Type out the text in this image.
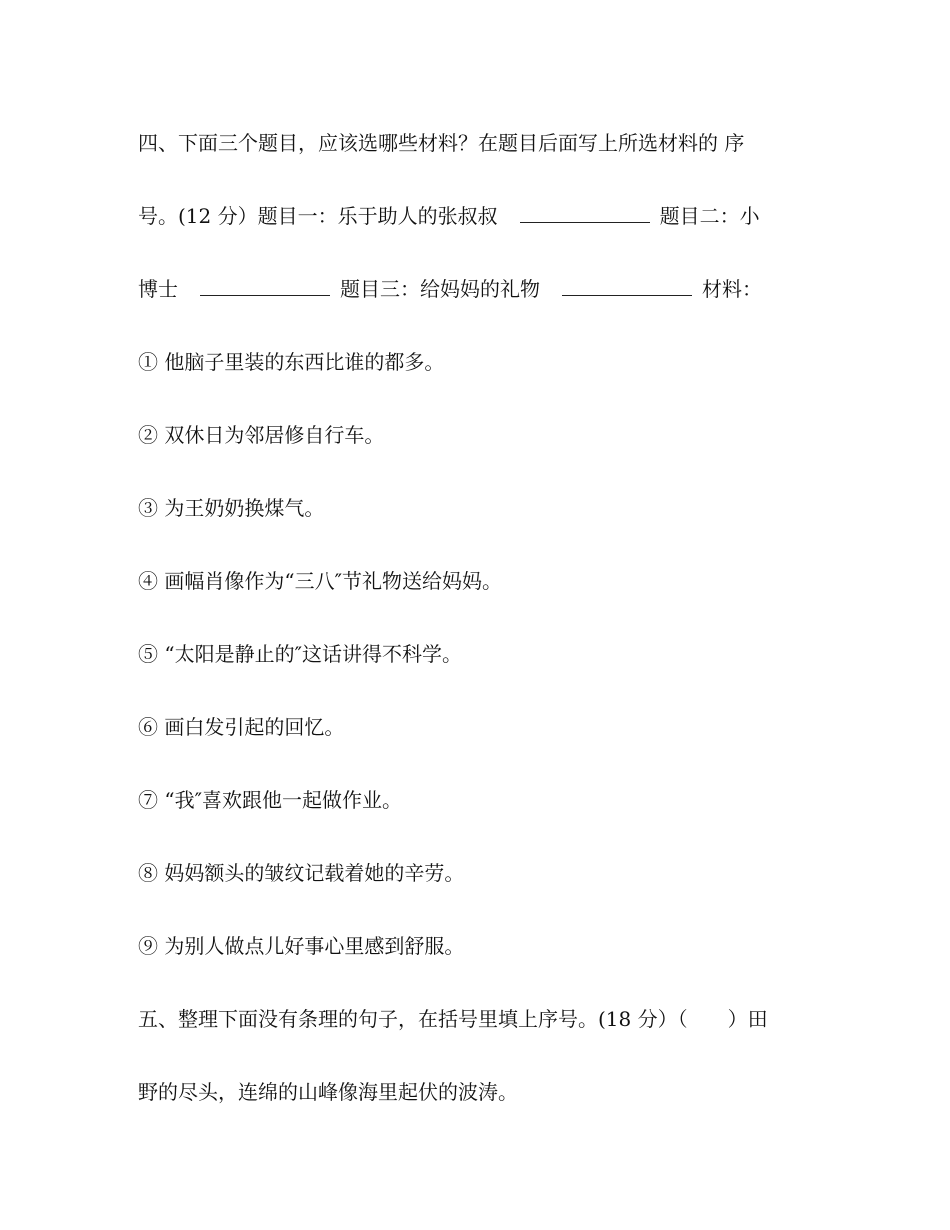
四、下面三个题目，应该选哪些材料？在题目后面写上所选材料的 序
号。(12 分）题目一：乐于助人的张叔叔	题目二：小
博士	题目三：给妈妈的礼物	材料：
① 他脑子里装的东西比谁的都多。
② 双休日为邻居修自行车。
③ 为王奶奶换煤气。
④ 画幅肖像作为“三八″节礼物送给妈妈。
⑤ “太阳是静止的″这话讲得不科学。
⑥ 画白发引起的回忆。
⑦ “我″喜欢跟他一起做作业。
⑧ 妈妈额头的皱纹记载着她的辛劳。
⑨ 为别人做点儿好事心里感到舒服。
五、整理下面没有条理的句子，在括号里填上序号。(18 分）（ ）田
野的尽头，连绵的山峰像海里起伏的波涛。
